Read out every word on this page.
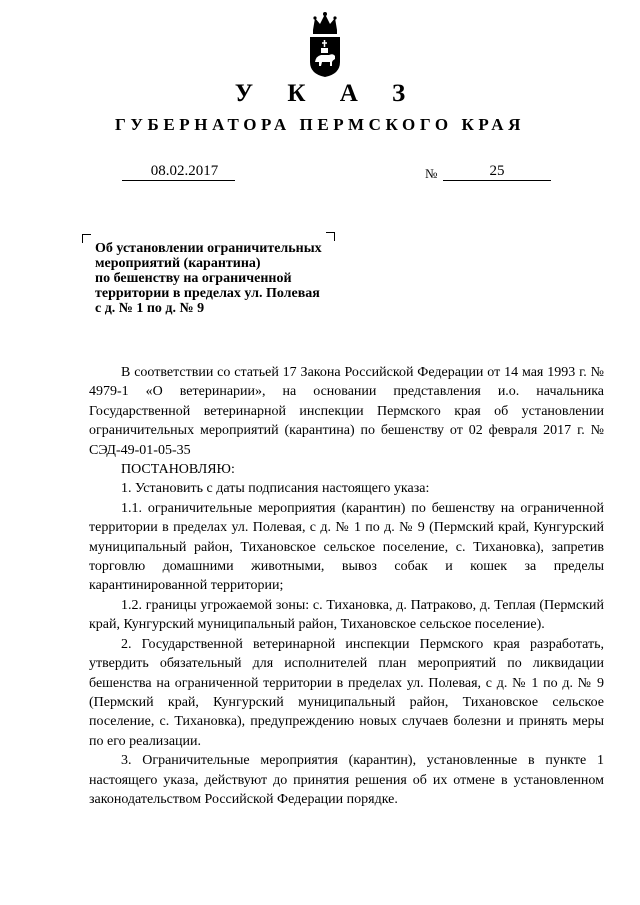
У К А З
ГУБЕРНАТОРА ПЕРМСКОГО КРАЯ
08.02.2017	№	25
Об установлении ограничительных
мероприятий (карантина)
по бешенству на ограниченной
территории в пределах ул. Полевая
с д. № 1 по д. № 9

В соответствии со статьей 17 Закона Российской Федерации от 14 мая 1993 г. № 4979-1 «О ветеринарии», на основании представления и.о. начальника Государственной ветеринарной инспекции Пермского края об установлении ограничительных мероприятий (карантина) по бешенству от 02 февраля 2017 г. № СЭД-49-01-05-35

ПОСТАНОВЛЯЮ:

1. Установить с даты подписания настоящего указа:

1.1. ограничительные мероприятия (карантин) по бешенству на ограниченной территории в пределах ул. Полевая, с д. № 1 по д. № 9 (Пермский край, Кунгурский муниципальный район, Тихановское сельское поселение, с. Тихановка), запретив торговлю домашними животными, вывоз собак и кошек за пределы карантинированной территории;

1.2. границы угрожаемой зоны: с. Тихановка, д. Патраково, д. Теплая (Пермский край, Кунгурский муниципальный район, Тихановское сельское поселение).

2. Государственной ветеринарной инспекции Пермского края разработать, утвердить обязательный для исполнителей план мероприятий по ликвидации бешенства на ограниченной территории в пределах ул. Полевая, с д. № 1 по д. № 9 (Пермский край, Кунгурский муниципальный район, Тихановское сельское поселение, с. Тихановка), предупреждению новых случаев болезни и принять меры по его реализации.

3. Ограничительные мероприятия (карантин), установленные в пункте 1 настоящего указа, действуют до принятия решения об их отмене в установленном законодательством Российской Федерации порядке.
